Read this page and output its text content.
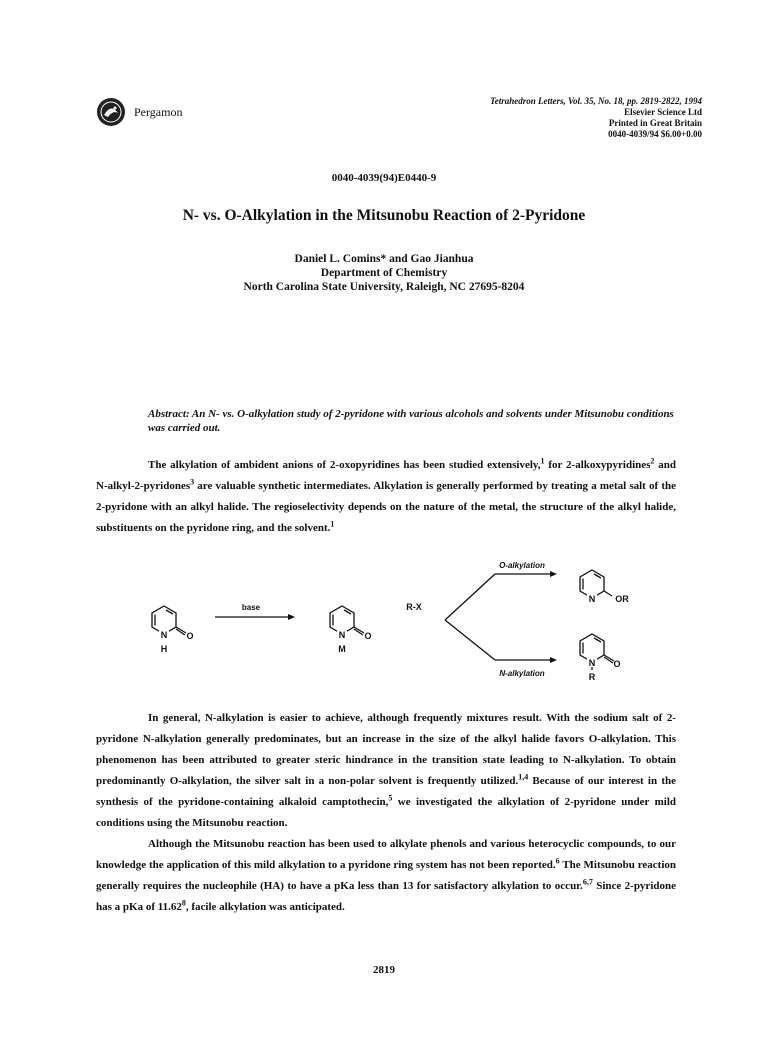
Pergamon
Tetrahedron Letters, Vol. 35, No. 18, pp. 2819-2822, 1994
Elsevier Science Ltd
Printed in Great Britain
0040-4039/94 $6.00+0.00
0040-4039(94)E0440-9
N- vs. O-Alkylation in the Mitsunobu Reaction of 2-Pyridone
Daniel L. Comins* and Gao Jianhua
Department of Chemistry
North Carolina State University, Raleigh, NC 27695-8204
Abstract: An N- vs. O-alkylation study of 2-pyridone with various alcohols and solvents under Mitsunobu conditions was carried out.
The alkylation of ambident anions of 2-oxopyridines has been studied extensively,$^1$ for 2-alkoxypyridines$^2$ and N-alkyl-2-pyridones$^3$ are valuable synthetic intermediates. Alkylation is generally performed by treating a metal salt of the 2-pyridone with an alkyl halide. The regioselectivity depends on the nature of the metal, the structure of the alkyl halide, substituents on the pyridone ring, and the solvent.$^1$
N O
H
base
N O
M
R-X
O-alkylation
N-alkylation
N OR
N O
R
In general, N-alkylation is easier to achieve, although frequently mixtures result. With the sodium salt of 2-pyridone N-alkylation generally predominates, but an increase in the size of the alkyl halide favors O-alkylation. This phenomenon has been attributed to greater steric hindrance in the transition state leading to N-alkylation. To obtain predominantly O-alkylation, the silver salt in a non-polar solvent is frequently utilized.$^{1,4}$ Because of our interest in the synthesis of the pyridone-containing alkaloid camptothecin,$^5$ we investigated the alkylation of 2-pyridone under mild conditions using the Mitsunobu reaction.
Although the Mitsunobu reaction has been used to alkylate phenols and various heterocyclic compounds, to our knowledge the application of this mild alkylation to a pyridone ring system has not been reported.$^6$ The Mitsunobu reaction generally requires the nucleophile (HA) to have a pKa less than 13 for satisfactory alkylation to occur.$^{6,7}$ Since 2-pyridone has a pKa of 11.62$^8$, facile alkylation was anticipated.
2819
